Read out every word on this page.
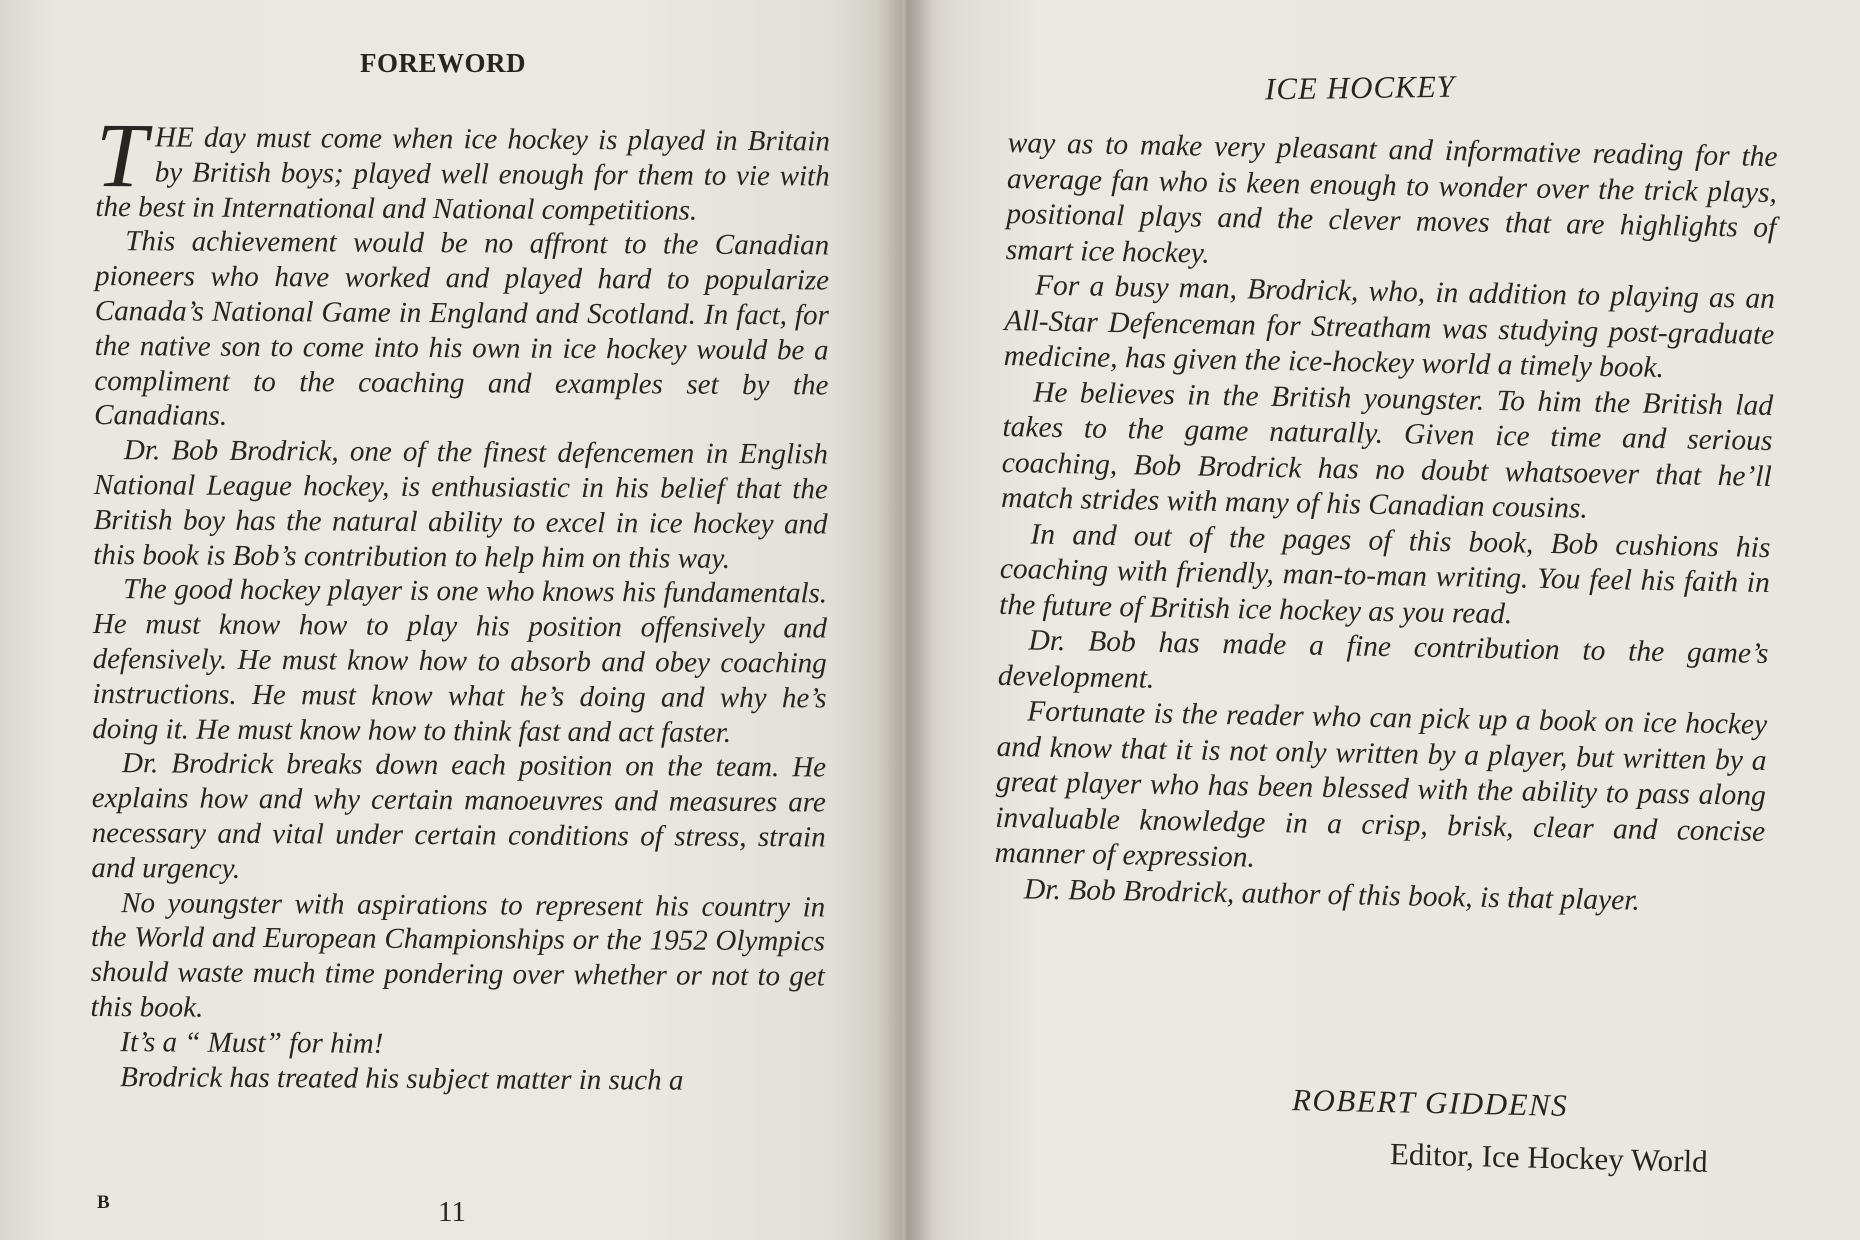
FOREWORD

THE day must come when ice hockey is played in Britain by British boys; played well enough for them to vie with the best in International and National competitions.

This achievement would be no affront to the Canadian pioneers who have worked and played hard to popularize Canada’s National Game in England and Scotland. In fact, for the native son to come into his own in ice hockey would be a compliment to the coaching and examples set by the Canadians.

Dr. Bob Brodrick, one of the finest defencemen in English National League hockey, is enthusiastic in his belief that the British boy has the natural ability to excel in ice hockey and this book is Bob’s contribution to help him on this way.

The good hockey player is one who knows his fundamentals. He must know how to play his position offensively and defensively. He must know how to absorb and obey coaching instructions. He must know what he’s doing and why he’s doing it. He must know how to think fast and act faster.

Dr. Brodrick breaks down each position on the team. He explains how and why certain manoeuvres and measures are necessary and vital under certain conditions of stress, strain and urgency.

No youngster with aspirations to represent his country in the World and European Championships or the 1952 Olympics should waste much time pondering over whether or not to get this book.

It’s a “ Must” for him!

Brodrick has treated his subject matter in such a

B	11
ICE HOCKEY

way as to make very pleasant and informative reading for the average fan who is keen enough to wonder over the trick plays, positional plays and the clever moves that are highlights of smart ice hockey.

For a busy man, Brodrick, who, in addition to playing as an All-Star Defenceman for Streatham was studying post-graduate medicine, has given the ice-hockey world a timely book.

He believes in the British youngster. To him the British lad takes to the game naturally. Given ice time and serious coaching, Bob Brodrick has no doubt whatsoever that he’ll match strides with many of his Canadian cousins.

In and out of the pages of this book, Bob cushions his coaching with friendly, man-to-man writing. You feel his faith in the future of British ice hockey as you read.

Dr. Bob has made a fine contribution to the game’s development.

Fortunate is the reader who can pick up a book on ice hockey and know that it is not only written by a player, but written by a great player who has been blessed with the ability to pass along invaluable knowledge in a crisp, brisk, clear and concise manner of expression.

Dr. Bob Brodrick, author of this book, is that player.

ROBERT GIDDENS
Editor, Ice Hockey World
